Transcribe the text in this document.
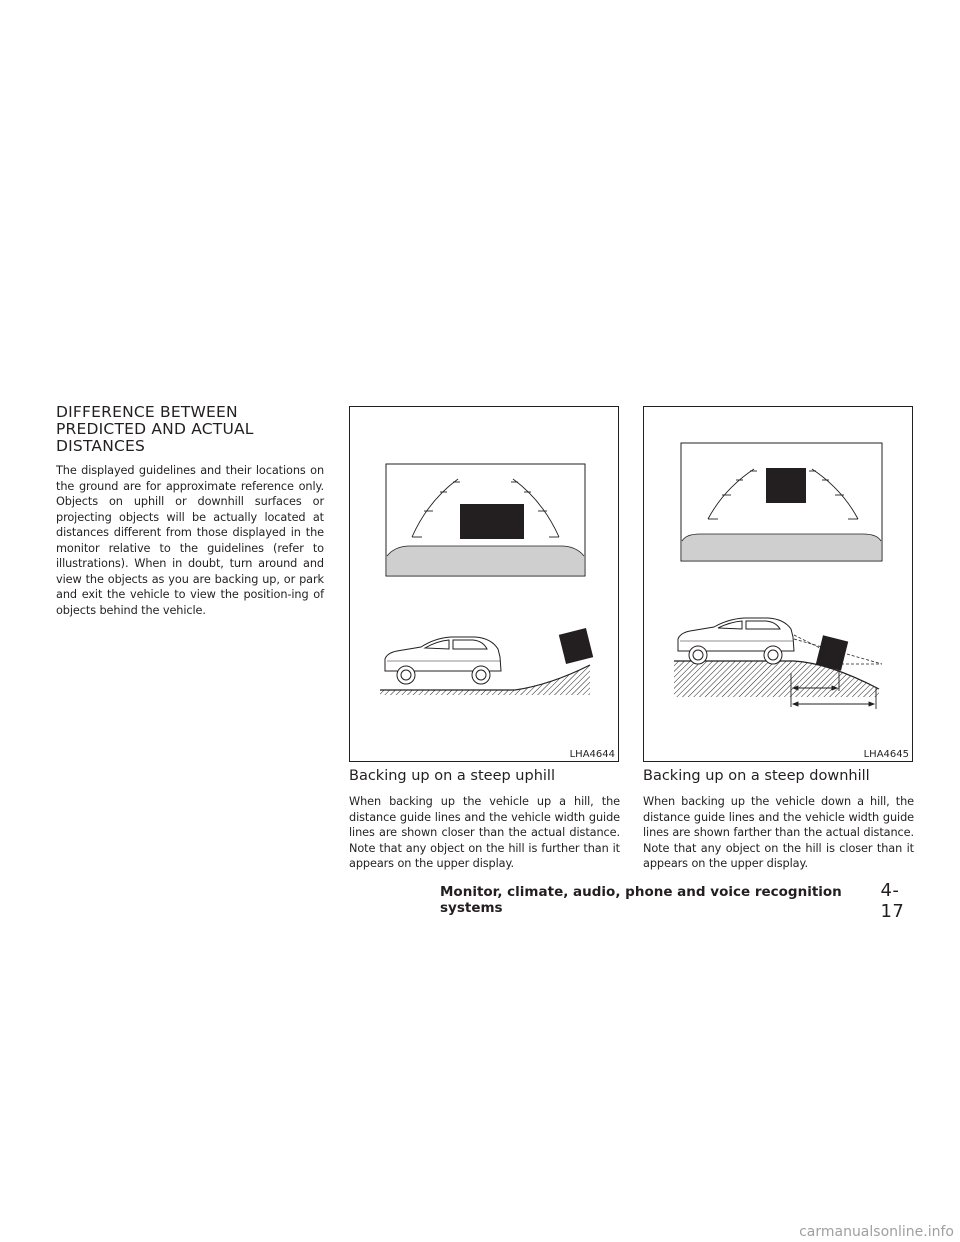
DIFFERENCE BETWEEN
PREDICTED AND ACTUAL
DISTANCES

The displayed guidelines and their locations on the ground are for approximate reference only. Objects on uphill or downhill surfaces or projecting objects will be actually located at distances different from those displayed in the monitor relative to the guidelines (refer to illustrations). When in doubt, turn around and view the objects as you are backing up, or park and exit the vehicle to view the position-ing of objects behind the vehicle.

LHA4644	LHA4645
Backing up on a steep uphill

When backing up the vehicle up a hill, the distance guide lines and the vehicle width guide lines are shown closer than the actual distance. Note that any object on the hill is further than it appears on the upper display.

Backing up on a steep downhill

When backing up the vehicle down a hill, the distance guide lines and the vehicle width guide lines are shown farther than the actual distance. Note that any object on the hill is closer than it appears on the upper display.

Monitor, climate, audio, phone and voice recognition systems
4-17
carmanualsonline.info
